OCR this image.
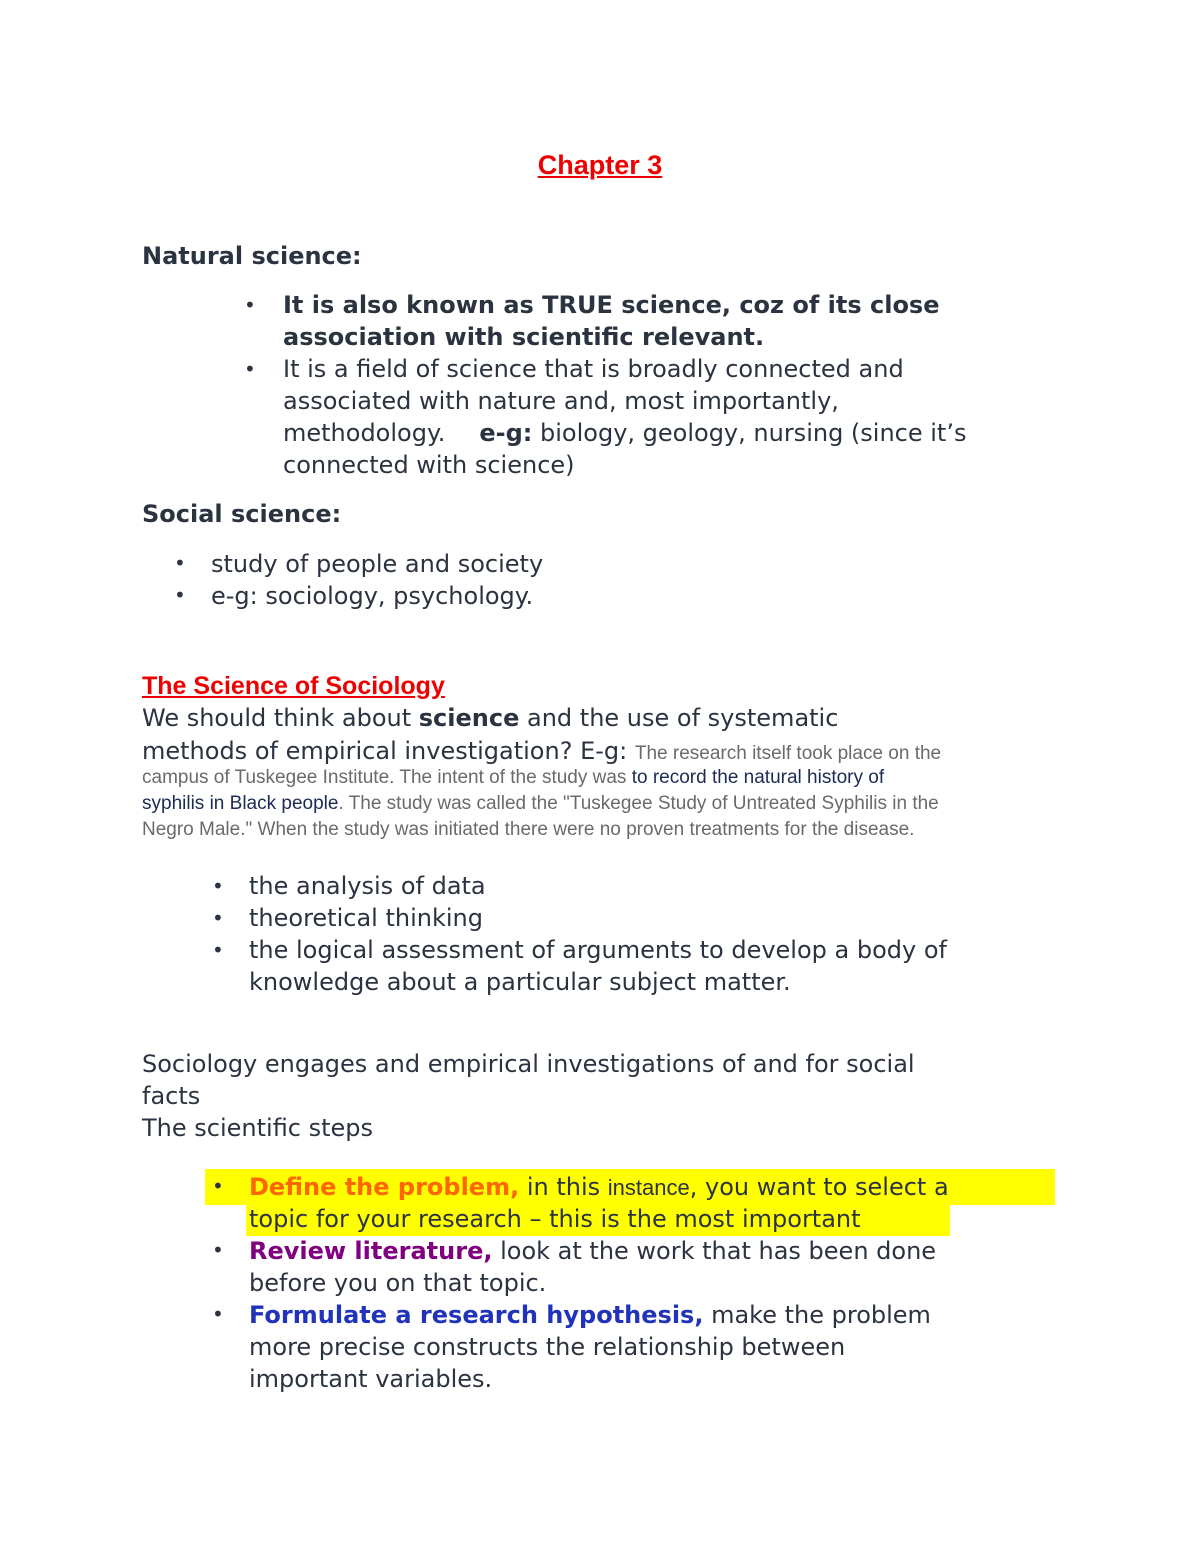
Chapter 3
Natural science:
• It is also known as TRUE science, coz of its close
association with scientific relevant.
• It is a field of science that is broadly connected and
associated with nature and, most importantly,
methodology. e-g: biology, geology, nursing (since it’s
connected with science)
Social science:
• study of people and society
• e-g: sociology, psychology.
The Science of Sociology
We should think about science and the use of systematic
methods of empirical investigation? E-g: The research itself took place on the
campus of Tuskegee Institute. The intent of the study was to record the natural history of
syphilis in Black people. The study was called the "Tuskegee Study of Untreated Syphilis in the
Negro Male." When the study was initiated there were no proven treatments for the disease.
• the analysis of data
• theoretical thinking
• the logical assessment of arguments to develop a body of
knowledge about a particular subject matter.
Sociology engages and empirical investigations of and for social
facts
The scientific steps
• Define the problem, in this instance, you want to select a
topic for your research – this is the most important
• Review literature, look at the work that has been done
before you on that topic.
• Formulate a research hypothesis, make the problem
more precise constructs the relationship between
important variables.
